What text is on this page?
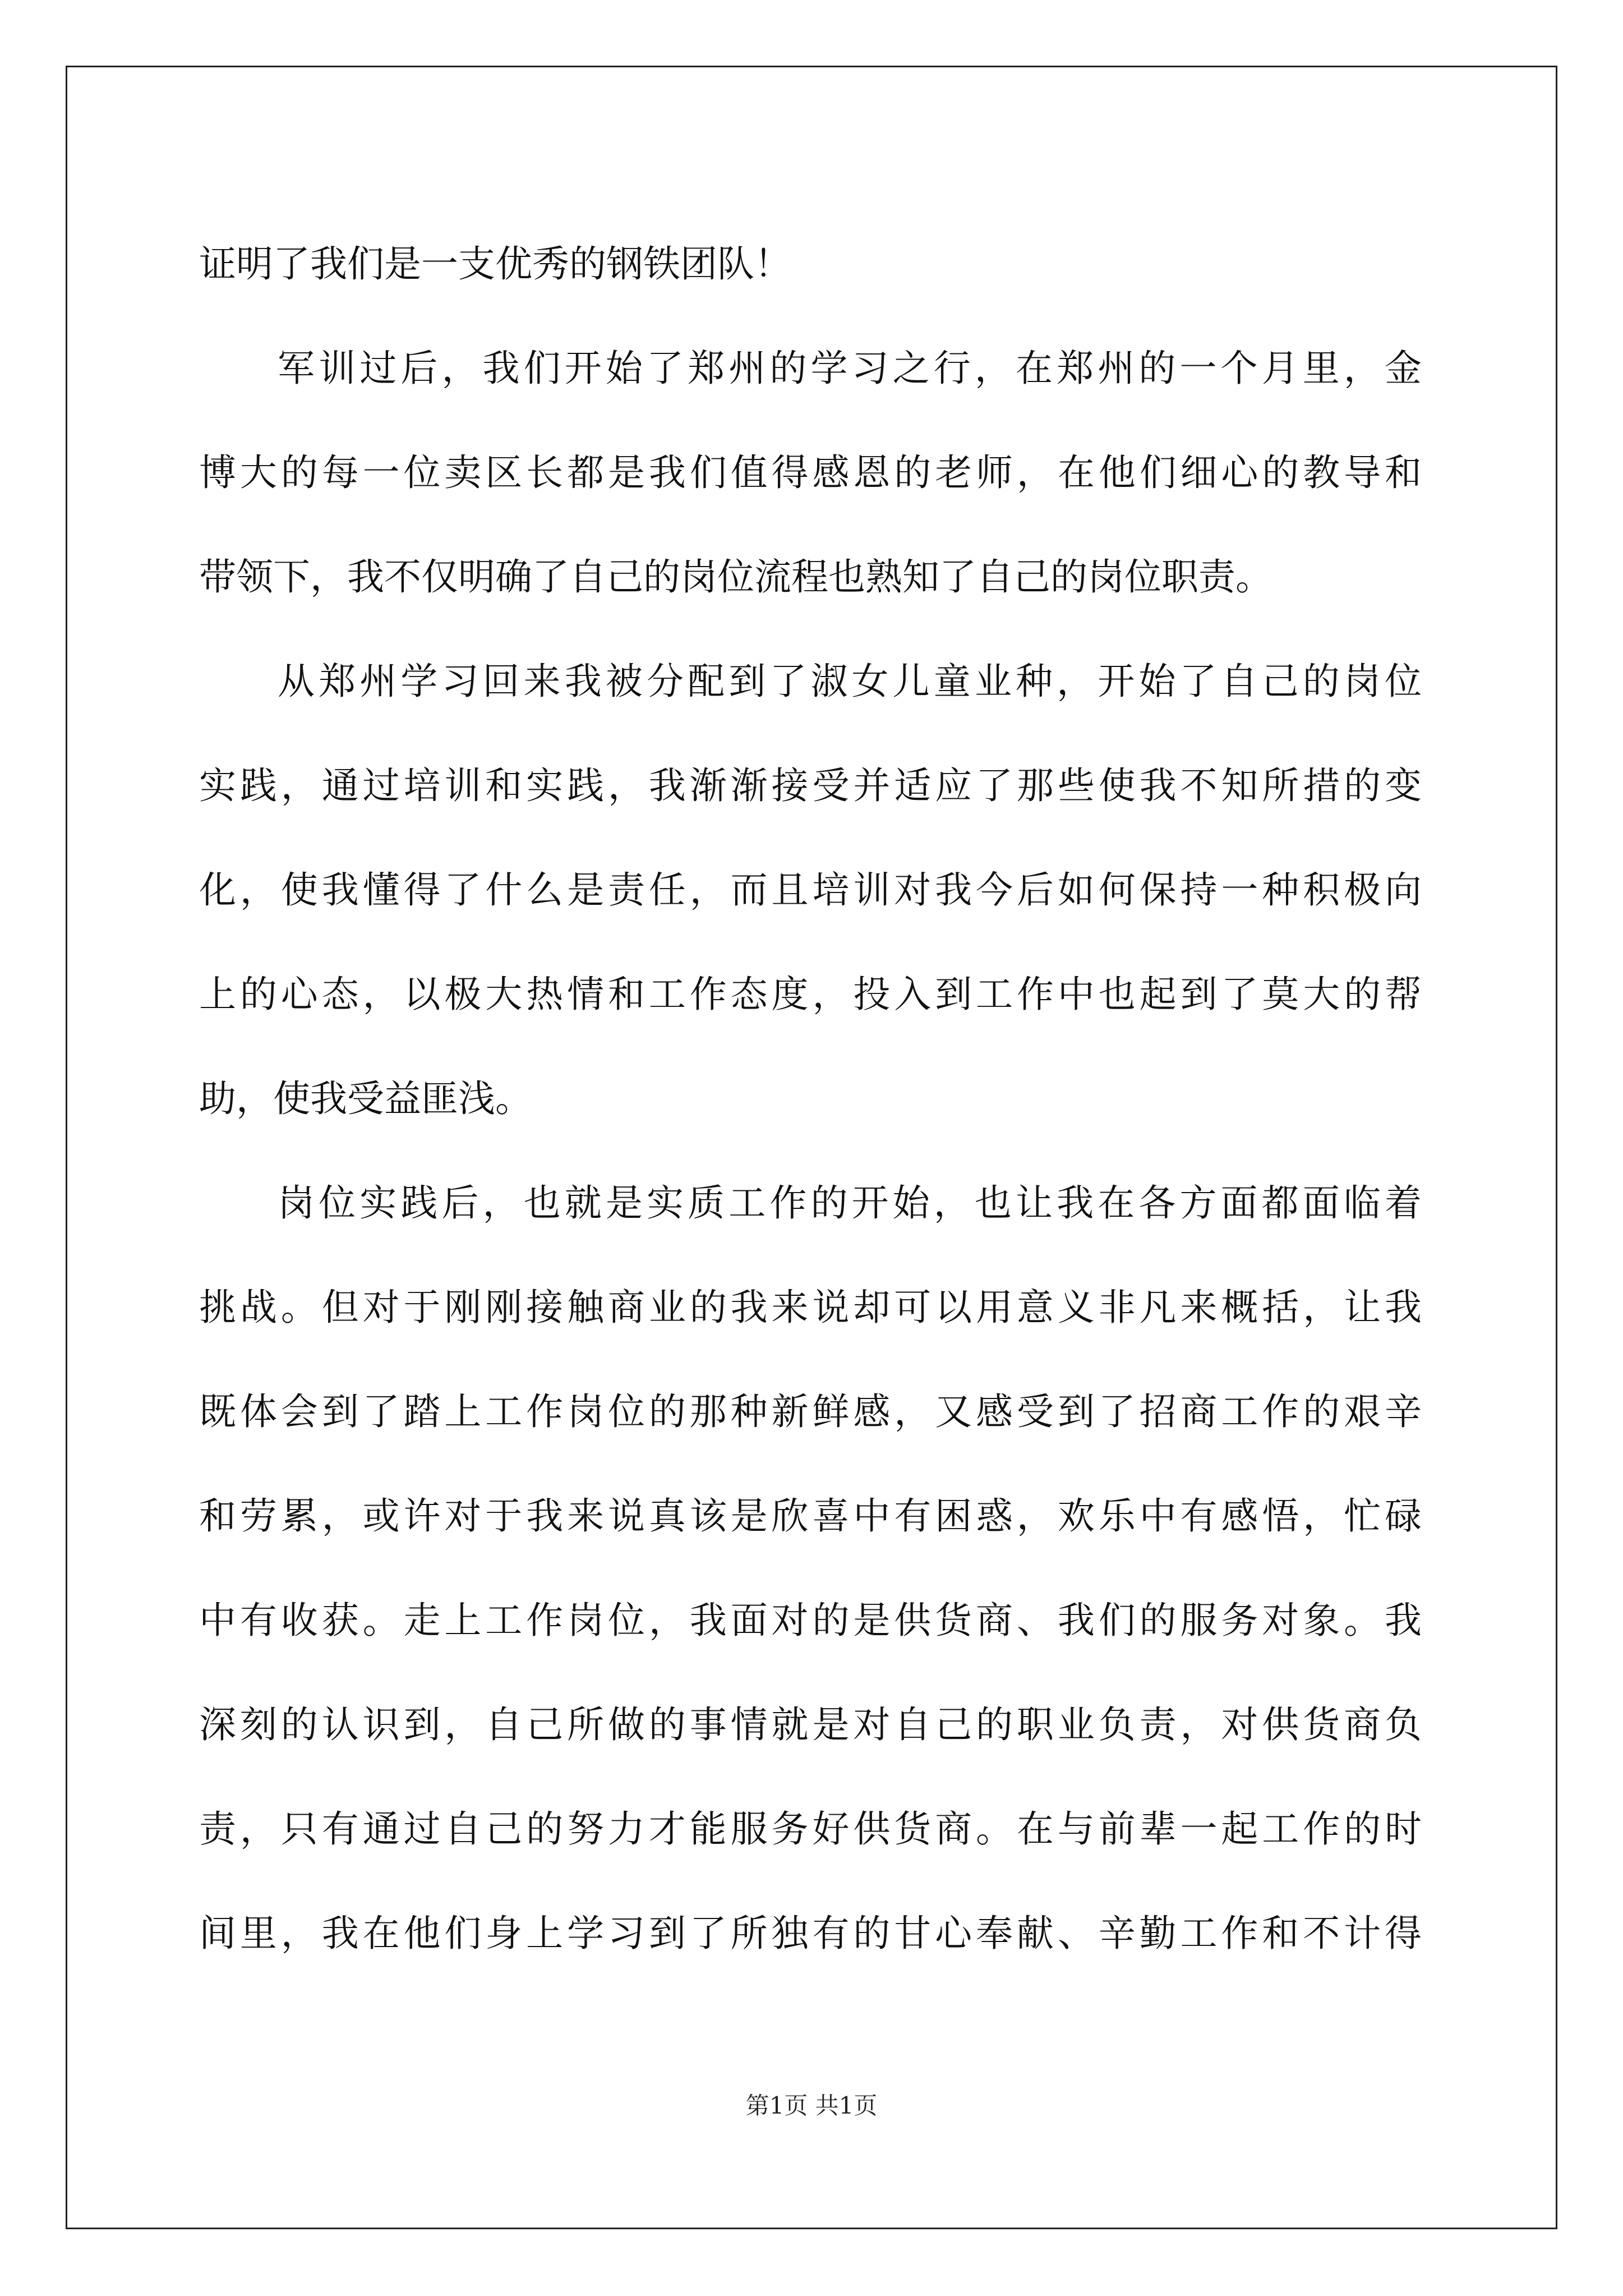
证明了我们是一支优秀的钢铁团队！
军训过后，我们开始了郑州的学习之行，在郑州的一个月里，金
博大的每一位卖区长都是我们值得感恩的老师，在他们细心的教导和
带领下，我不仅明确了自己的岗位流程也熟知了自己的岗位职责。
从郑州学习回来我被分配到了淑女儿童业种，开始了自己的岗位
实践，通过培训和实践，我渐渐接受并适应了那些使我不知所措的变
化，使我懂得了什么是责任，而且培训对我今后如何保持一种积极向
上的心态，以极大热情和工作态度，投入到工作中也起到了莫大的帮
助，使我受益匪浅。
岗位实践后，也就是实质工作的开始，也让我在各方面都面临着
挑战。但对于刚刚接触商业的我来说却可以用意义非凡来概括，让我
既体会到了踏上工作岗位的那种新鲜感，又感受到了招商工作的艰辛
和劳累，或许对于我来说真该是欣喜中有困惑，欢乐中有感悟，忙碌
中有收获。走上工作岗位，我面对的是供货商、我们的服务对象。我
深刻的认识到，自己所做的事情就是对自己的职业负责，对供货商负
责，只有通过自己的努力才能服务好供货商。在与前辈一起工作的时
间里，我在他们身上学习到了所独有的甘心奉献、辛勤工作和不计得
第1页 共1页
